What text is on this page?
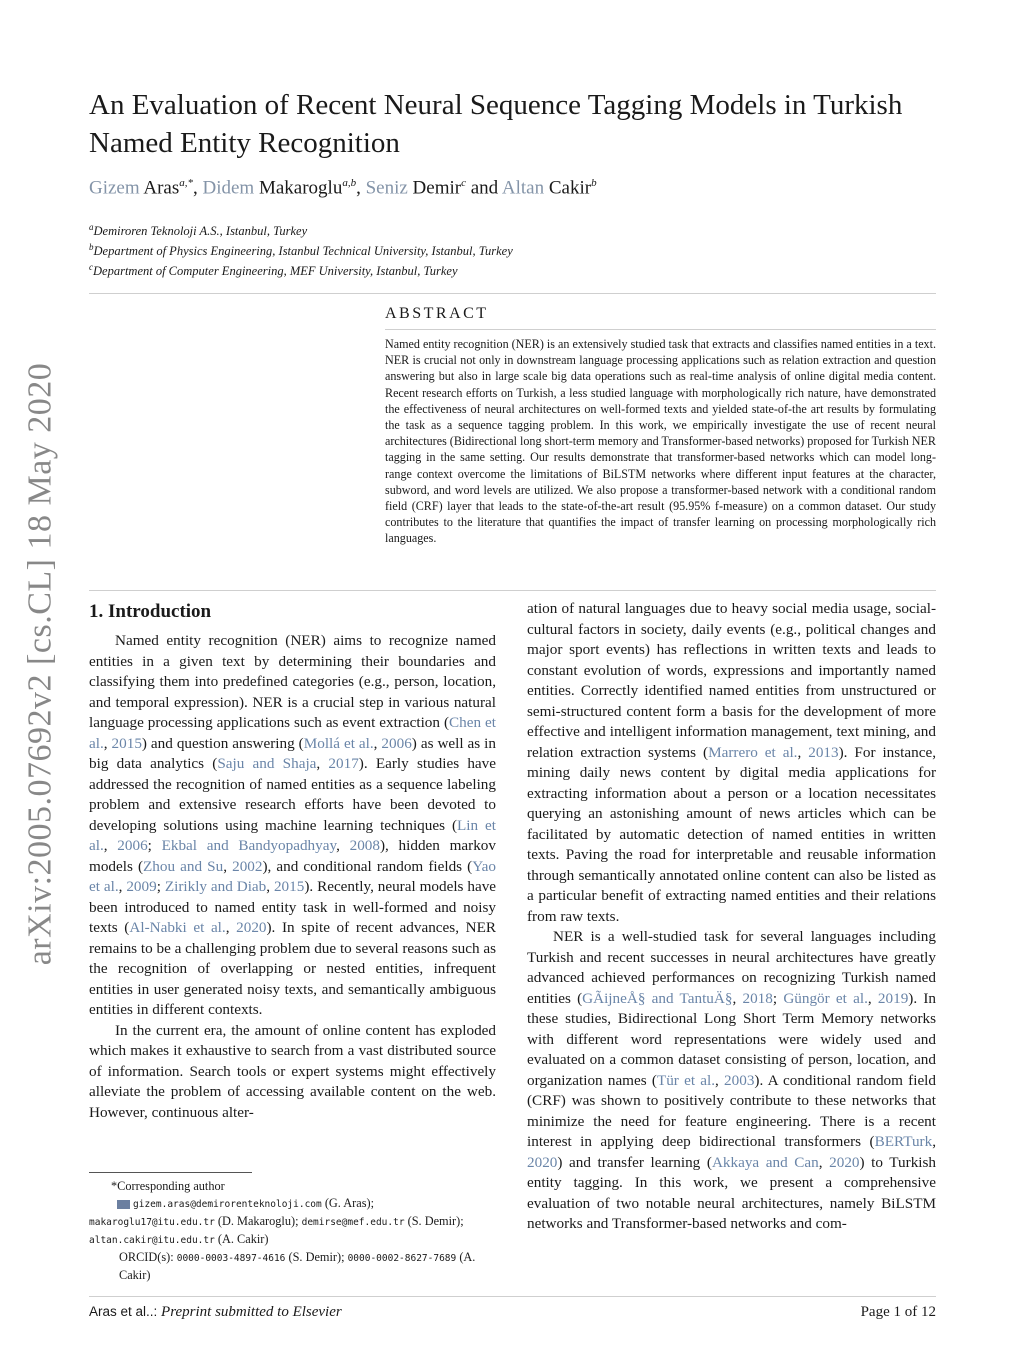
arXiv:2005.07692v2 [cs.CL] 18 May 2020
An Evaluation of Recent Neural Sequence Tagging Models in Turkish Named Entity Recognition
Gizem Aras$^{a,*}$, Didem Makaroglu$^{a,b}$, Seniz Demir$^c$ and Altan Cakir$^b$
$^a$Demiroren Teknoloji A.S., Istanbul, Turkey
$^b$Department of Physics Engineering, Istanbul Technical University, Istanbul, Turkey
$^c$Department of Computer Engineering, MEF University, Istanbul, Turkey
ABSTRACT

Named entity recognition (NER) is an extensively studied task that extracts and classifies named entities in a text. NER is crucial not only in downstream language processing applications such as relation extraction and question answering but also in large scale big data operations such as real-time analysis of online digital media content. Recent research efforts on Turkish, a less studied language with morphologically rich nature, have demonstrated the effectiveness of neural architectures on well-formed texts and yielded state-of-the art results by formulating the task as a sequence tagging problem. In this work, we empirically investigate the use of recent neural architectures (Bidirectional long short-term memory and Transformer-based networks) proposed for Turkish NER tagging in the same setting. Our results demonstrate that transformer-based networks which can model long-range context overcome the limitations of BiLSTM networks where different input features at the character, subword, and word levels are utilized. We also propose a transformer-based network with a conditional random field (CRF) layer that leads to the state-of-the-art result (95.95% f-measure) on a common dataset. Our study contributes to the literature that quantifies the impact of transfer learning on processing morphologically rich languages.

1. Introduction

Named entity recognition (NER) aims to recognize named entities in a given text by determining their boundaries and classifying them into predefined categories (e.g., person, location, and temporal expression). NER is a crucial step in various natural language processing applications such as event extraction (Chen et al., 2015) and question answering (Mollá et al., 2006) as well as in big data analytics (Saju and Shaja, 2017). Early studies have addressed the recognition of named entities as a sequence labeling problem and extensive research efforts have been devoted to developing solutions using machine learning techniques (Lin et al., 2006; Ekbal and Bandyopadhyay, 2008), hidden markov models (Zhou and Su, 2002), and conditional random fields (Yao et al., 2009; Zirikly and Diab, 2015). Recently, neural models have been introduced to named entity task in well-formed and noisy texts (Al-Nabki et al., 2020). In spite of recent advances, NER remains to be a challenging problem due to several reasons such as the recognition of overlapping or nested entities, infrequent entities in user generated noisy texts, and semantically ambiguous entities in different contexts.

In the current era, the amount of online content has exploded which makes it exhaustive to search from a vast distributed source of information. Search tools or expert systems might effectively alleviate the problem of accessing available content on the web. However, continuous alter-

ation of natural languages due to heavy social media usage, social-cultural factors in society, daily events (e.g., political changes and major sport events) has reflections in written texts and leads to constant evolution of words, expressions and importantly named entities. Correctly identified named entities from unstructured or semi-structured content form a basis for the development of more effective and intelligent information management, text mining, and relation extraction systems (Marrero et al., 2013). For instance, mining daily news content by digital media applications for extracting information about a person or a location necessitates querying an astonishing amount of news articles which can be facilitated by automatic detection of named entities in written texts. Paving the road for interpretable and reusable information through semantically annotated online content can also be listed as a particular benefit of extracting named entities and their relations from raw texts.

NER is a well-studied task for several languages including Turkish and recent successes in neural architectures have greatly advanced achieved performances on recognizing Turkish named entities (GÃijneÅ§ and TantuÄ§, 2018; Güngör et al., 2019). In these studies, Bidirectional Long Short Term Memory networks with different word representations were widely used and evaluated on a common dataset consisting of person, location, and organization names (Tür et al., 2003). A conditional random field (CRF) was shown to positively contribute to these networks that minimize the need for feature engineering. There is a recent interest in applying deep bidirectional transformers (BERTurk, 2020) and transfer learning (Akkaya and Can, 2020) to Turkish entity tagging. In this work, we present a comprehensive evaluation of two notable neural architectures, namely BiLSTM networks and Transformer-based networks and com-

*Corresponding author
gizem.aras@demirorenteknoloji.com (G. Aras);
makaroglu17@itu.edu.tr (D. Makaroglu); demirse@mef.edu.tr (S. Demir);
altan.cakir@itu.edu.tr (A. Cakir)
ORCID(s): 0000-0003-4897-4616 (S. Demir); 0000-0002-8627-7689 (A. Cakir)
Aras et al..: Preprint submitted to Elsevier	Page 1 of 12
